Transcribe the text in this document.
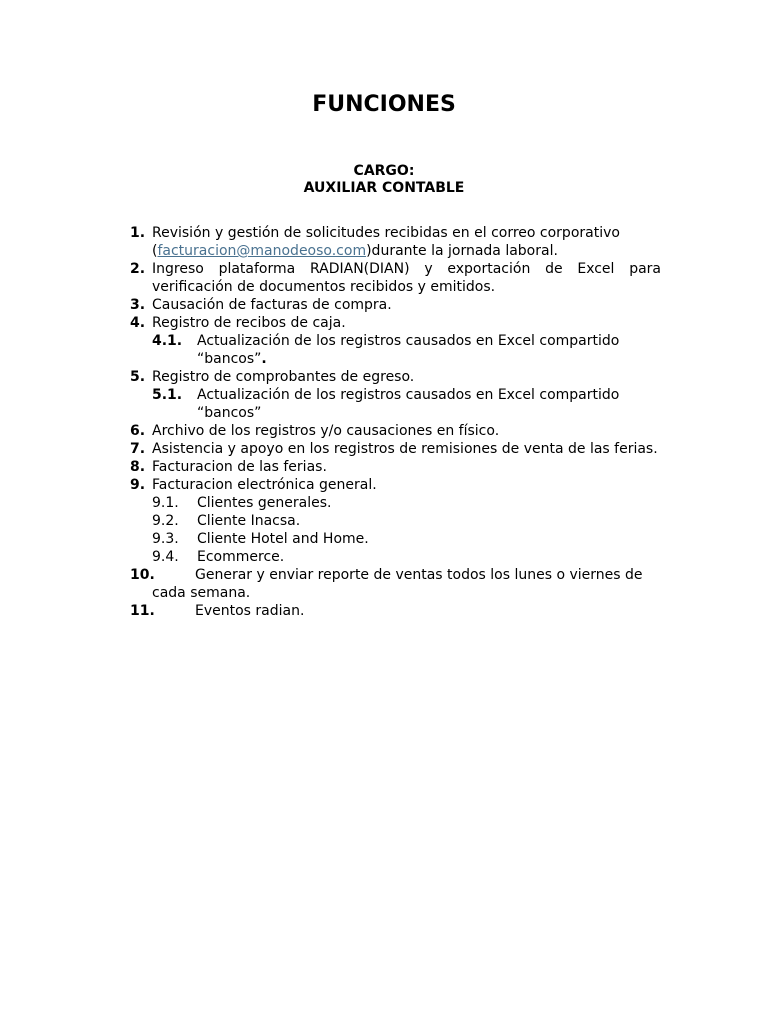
FUNCIONES
CARGO:
AUXILIAR CONTABLE
1. Revisión y gestión de solicitudes recibidas en el correo corporativo (facturacion@manodeoso.com)durante la jornada laboral.
2. Ingreso plataforma RADIAN(DIAN) y exportación de Excel para verificación de documentos recibidos y emitidos.
3. Causación de facturas de compra.
4. Registro de recibos de caja.
4.1. Actualización de los registros causados en Excel compartido “bancos”.
5. Registro de comprobantes de egreso.
5.1. Actualización de los registros causados en Excel compartido “bancos”
6. Archivo de los registros y/o causaciones en físico.
7. Asistencia y apoyo en los registros de remisiones de venta de las ferias.
8. Facturacion de las ferias.
9. Facturacion electrónica general.
9.1. Clientes generales.
9.2. Cliente Inacsa.
9.3. Cliente Hotel and Home.
9.4. Ecommerce.
10.	Generar y enviar reporte de ventas todos los lunes o viernes de
cada semana.
11.	Eventos radian.
